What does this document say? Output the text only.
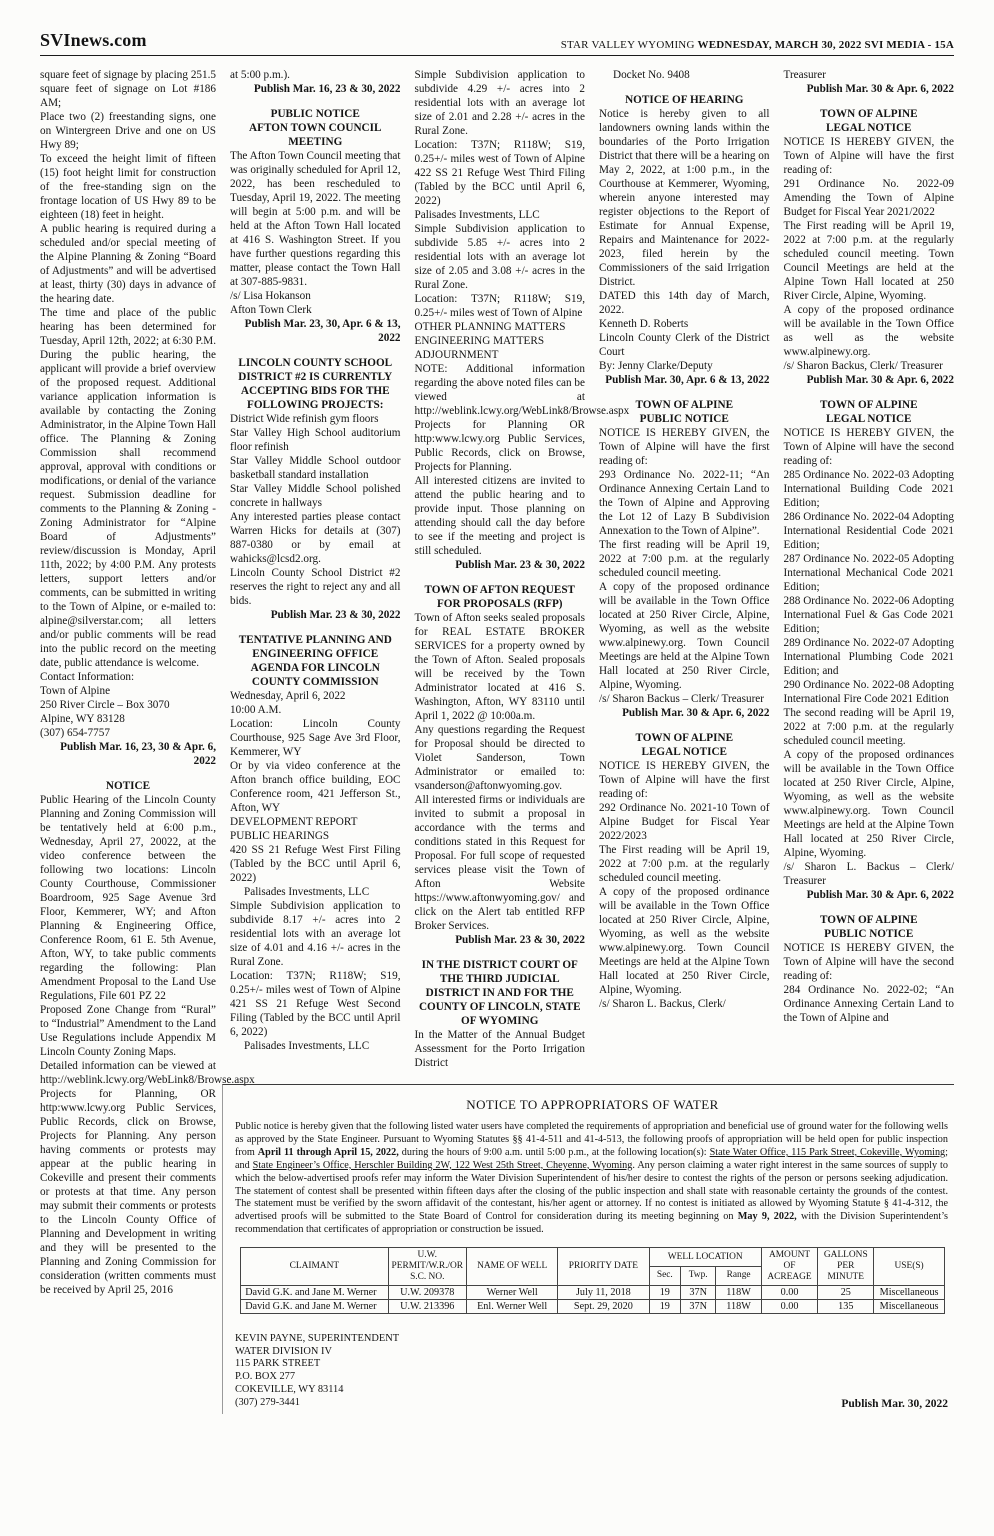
SVInews.com	STAR VALLEY WYOMING WEDNESDAY, MARCH 30, 2022 SVI MEDIA - 15A
square feet of signage by placing 251.5 square feet of signage on Lot #186 AM;
Place two (2) freestanding signs, one on Wintergreen Drive and one on US Hwy 89;
To exceed the height limit of fifteen (15) foot height limit for construction of the free-standing sign on the frontage location of US Hwy 89 to be eighteen (18) feet in height.
A public hearing is required during a scheduled and/or special meeting of the Alpine Planning & Zoning “Board of Adjustments” and will be advertised at least, thirty (30) days in advance of the hearing date.
The time and place of the public hearing has been determined for Tuesday, April 12th, 2022; at 6:30 P.M. During the public hearing, the applicant will provide a brief overview of the proposed request. Additional variance application information is available by contacting the Zoning Administrator, in the Alpine Town Hall office. The Planning & Zoning Commission shall recommend approval, approval with conditions or modifications, or denial of the variance request. Submission deadline for comments to the Planning & Zoning - Zoning Administrator for “Alpine Board of Adjustments” review/discussion is Monday, April 11th, 2022; by 4:00 P.M. Any protests letters, support letters and/or comments, can be submitted in writing to the Town of Alpine, or e-mailed to: alpine@silverstar.com; all letters and/or public comments will be read into the public record on the meeting date, public attendance is welcome.
Contact Information:
Town of Alpine
250 River Circle – Box 3070
Alpine, WY 83128
(307) 654-7757
Publish Mar. 16, 23, 30 & Apr. 6, 2022
NOTICE
Public Hearing of the Lincoln County Planning and Zoning Commission will be tentatively held at 6:00 p.m., Wednesday, April 27, 20022, at the video conference between the following two locations: Lincoln County Courthouse, Commissioner Boardroom, 925 Sage Avenue 3rd Floor, Kemmerer, WY; and Afton Planning & Engineering Office, Conference Room, 61 E. 5th Avenue, Afton, WY, to take public comments regarding the following: Plan Amendment Proposal to the Land Use Regulations, File 601 PZ 22
Proposed Zone Change from “Rural” to “Industrial” Amendment to the Land Use Regulations include Appendix M Lincoln County Zoning Maps.
Detailed information can be viewed at http://weblink.lcwy.org/WebLink8/Browse.aspx Projects for Planning, OR http:www.lcwy.org Public Services, Public Records, click on Browse, Projects for Planning. Any person having comments or protests may appear at the public hearing in Cokeville and present their comments or protests at that time. Any person may submit their comments or protests to the Lincoln County Office of Planning and Development in writing and they will be presented to the Planning and Zoning Commission for consideration (written comments must be received by April 25, 2016
at 5:00 p.m.).
Publish Mar. 16, 23 & 30, 2022
PUBLIC NOTICE
AFTON TOWN COUNCIL MEETING
The Afton Town Council meeting that was originally scheduled for April 12, 2022, has been rescheduled to Tuesday, April 19, 2022. The meeting will begin at 5:00 p.m. and will be held at the Afton Town Hall located at 416 S. Washington Street. If you have further questions regarding this matter, please contact the Town Hall at 307-885-9831.
/s/ Lisa Hokanson
Afton Town Clerk
Publish Mar. 23, 30, Apr. 6 & 13, 2022
LINCOLN COUNTY SCHOOL DISTRICT #2 IS CURRENTLY ACCEPTING BIDS FOR THE FOLLOWING PROJECTS:
District Wide refinish gym floors
Star Valley High School auditorium floor refinish
Star Valley Middle School outdoor basketball standard installation
Star Valley Middle School polished concrete in hallways
Any interested parties please contact Warren Hicks for details at (307) 887-0380 or by email at wahicks@lcsd2.org.
Lincoln County School District #2 reserves the right to reject any and all bids.
Publish Mar. 23 & 30, 2022
TENTATIVE PLANNING AND ENGINEERING OFFICE AGENDA FOR LINCOLN COUNTY COMMISSION
Wednesday, April 6, 2022
10:00 A.M.
Location: Lincoln County Courthouse, 925 Sage Ave 3rd Floor, Kemmerer, WY
Or by via video conference at the Afton branch office building, EOC Conference room, 421 Jefferson St., Afton, WY
DEVELOPMENT REPORT
PUBLIC HEARINGS
420 SS 21 Refuge West First Filing (Tabled by the BCC until April 6, 2022)
Palisades Investments, LLC
Simple Subdivision application to subdivide 8.17 +/- acres into 2 residential lots with an average lot size of 4.01 and 4.16 +/- acres in the Rural Zone.
Location: T37N; R118W; S19, 0.25+/- miles west of Town of Alpine 421 SS 21 Refuge West Second Filing (Tabled by the BCC until April 6, 2022)
Palisades Investments, LLC
Simple Subdivision application to subdivide 4.29 +/- acres into 2 residential lots with an average lot size of 2.01 and 2.28 +/- acres in the Rural Zone.
Location: T37N; R118W; S19, 0.25+/- miles west of Town of Alpine 422 SS 21 Refuge West Third Filing (Tabled by the BCC until April 6, 2022)
Palisades Investments, LLC
Simple Subdivision application to subdivide 5.85 +/- acres into 2 residential lots with an average lot size of 2.05 and 3.08 +/- acres in the Rural Zone.
Location: T37N; R118W; S19, 0.25+/- miles west of Town of Alpine
OTHER PLANNING MATTERS
ENGINEERING MATTERS
ADJOURNMENT
NOTE: Additional information regarding the above noted files can be viewed at http://weblink.lcwy.org/WebLink8/Browse.aspx Projects for Planning OR http:www.lcwy.org Public Services, Public Records, click on Browse, Projects for Planning.
All interested citizens are invited to attend the public hearing and to provide input. Those planning on attending should call the day before to see if the meeting and project is still scheduled.
Publish Mar. 23 & 30, 2022
TOWN OF AFTON REQUEST FOR PROPOSALS (RFP)
Town of Afton seeks sealed proposals for REAL ESTATE BROKER SERVICES for a property owned by the Town of Afton. Sealed proposals will be received by the Town Administrator located at 416 S. Washington, Afton, WY 83110 until April 1, 2022 @ 10:00a.m.
Any questions regarding the Request for Proposal should be directed to Violet Sanderson, Town Administrator or emailed to: vsanderson@aftonwyoming.gov.
All interested firms or individuals are invited to submit a proposal in accordance with the terms and conditions stated in this Request for Proposal. For full scope of requested services please visit the Town of Afton Website https://www.aftonwyoming.gov/ and click on the Alert tab entitled RFP Broker Services.
Publish Mar. 23 & 30, 2022
IN THE DISTRICT COURT OF THE THIRD JUDICIAL DISTRICT IN AND FOR THE COUNTY OF LINCOLN, STATE OF WYOMING
In the Matter of the Annual Budget Assessment for the Porto Irrigation District
Docket No. 9408
NOTICE OF HEARING
Notice is hereby given to all landowners owning lands within the boundaries of the Porto Irrigation District that there will be a hearing on May 2, 2022, at 1:00 p.m., in the Courthouse at Kemmerer, Wyoming, wherein anyone interested may register objections to the Report of Estimate for Annual Expense, Repairs and Maintenance for 2022-2023, filed herein by the Commissioners of the said Irrigation District.
DATED this 14th day of March, 2022.
Kenneth D. Roberts
Lincoln County Clerk of the District Court
By: Jenny Clarke/Deputy
Publish Mar. 30, Apr. 6 & 13, 2022
TOWN OF ALPINE
PUBLIC NOTICE
NOTICE IS HEREBY GIVEN, the Town of Alpine will have the first reading of:
293 Ordinance No. 2022-11; “An Ordinance Annexing Certain Land to the Town of Alpine and Approving the Lot 12 of Lazy B Subdivision Annexation to the Town of Alpine”.
The first reading will be April 19, 2022 at 7:00 p.m. at the regularly scheduled council meeting.
A copy of the proposed ordinance will be available in the Town Office located at 250 River Circle, Alpine, Wyoming, as well as the website www.alpinewy.org. Town Council Meetings are held at the Alpine Town Hall located at 250 River Circle, Alpine, Wyoming.
/s/ Sharon Backus – Clerk/ Treasurer
Publish Mar. 30 & Apr. 6, 2022
TOWN OF ALPINE
LEGAL NOTICE
NOTICE IS HEREBY GIVEN, the Town of Alpine will have the first reading of:
292 Ordinance No. 2021-10 Town of Alpine Budget for Fiscal Year 2022/2023
The First reading will be April 19, 2022 at 7:00 p.m. at the regularly scheduled council meeting.
A copy of the proposed ordinance will be available in the Town Office located at 250 River Circle, Alpine, Wyoming, as well as the website www.alpinewy.org. Town Council Meetings are held at the Alpine Town Hall located at 250 River Circle, Alpine, Wyoming.
/s/ Sharon L. Backus, Clerk/
Treasurer
Publish Mar. 30 & Apr. 6, 2022
TOWN OF ALPINE
LEGAL NOTICE
NOTICE IS HEREBY GIVEN, the Town of Alpine will have the first reading of:
291 Ordinance No. 2022-09 Amending the Town of Alpine Budget for Fiscal Year 2021/2022
The First reading will be April 19, 2022 at 7:00 p.m. at the regularly scheduled council meeting. Town Council Meetings are held at the Alpine Town Hall located at 250 River Circle, Alpine, Wyoming.
A copy of the proposed ordinance will be available in the Town Office as well as the website www.alpinewy.org.
/s/ Sharon Backus, Clerk/ Treasurer
Publish Mar. 30 & Apr. 6, 2022
TOWN OF ALPINE
LEGAL NOTICE
NOTICE IS HEREBY GIVEN, the Town of Alpine will have the second reading of:
285 Ordinance No. 2022-03 Adopting International Building Code 2021 Edition;
286 Ordinance No. 2022-04 Adopting International Residential Code 2021 Edition;
287 Ordinance No. 2022-05 Adopting International Mechanical Code 2021 Edition;
288 Ordinance No. 2022-06 Adopting International Fuel & Gas Code 2021 Edition;
289 Ordinance No. 2022-07 Adopting International Plumbing Code 2021 Edition; and
290 Ordinance No. 2022-08 Adopting International Fire Code 2021 Edition
The second reading will be April 19, 2022 at 7:00 p.m. at the regularly scheduled council meeting.
A copy of the proposed ordinances will be available in the Town Office located at 250 River Circle, Alpine, Wyoming, as well as the website www.alpinewy.org. Town Council Meetings are held at the Alpine Town Hall located at 250 River Circle, Alpine, Wyoming.
/s/ Sharon L. Backus – Clerk/ Treasurer
Publish Mar. 30 & Apr. 6, 2022
TOWN OF ALPINE
PUBLIC NOTICE
NOTICE IS HEREBY GIVEN, the Town of Alpine will have the second reading of:
284 Ordinance No. 2022-02; “An Ordinance Annexing Certain Land to the Town of Alpine and
NOTICE TO APPROPRIATORS OF WATER

Public notice is hereby given that the following listed water users have completed the requirements of appropriation and beneficial use of ground water for the following wells as approved by the State Engineer. Pursuant to Wyoming Statutes §§ 41-4-511 and 41-4-513, the following proofs of appropriation will be held open for public inspection from April 11 through April 15, 2022, during the hours of 9:00 a.m. until 5:00 p.m., at the following location(s): State Water Office, 115 Park Street, Cokeville, Wyoming; and State Engineer’s Office, Herschler Building 2W, 122 West 25th Street, Cheyenne, Wyoming. Any person claiming a water right interest in the same sources of supply to which the below-advertised proofs refer may inform the Water Division Superintendent of his/her desire to contest the rights of the person or persons seeking adjudication. The statement of contest shall be presented within fifteen days after the closing of the public inspection and shall state with reasonable certainty the grounds of the contest. The statement must be verified by the sworn affidavit of the contestant, his/her agent or attorney. If no contest is initiated as allowed by Wyoming Statute § 41-4-312, the advertised proofs will be submitted to the State Board of Control for consideration during its meeting beginning on May 9, 2022, with the Division Superintendent’s recommendation that certificates of appropriation or construction be issued.

CLAIMANT	U.W. PERMIT/W.R./OR S.C. NO.	NAME OF WELL	PRIORITY DATE	WELL LOCATION			AMOUNT OF ACREAGE	GALLONS PER MINUTE	USE(S)
				Sec.	Twp.	Range			
David G.K. and Jane M. Werner	U.W. 209378	Werner Well	July 11, 2018	19	37N	118W	0.00	25	Miscellaneous
David G.K. and Jane M. Werner	U.W. 213396	Enl. Werner Well	Sept. 29, 2020	19	37N	118W	0.00	135	Miscellaneous
KEVIN PAYNE, SUPERINTENDENT
WATER DIVISION IV
115 PARK STREET
P.O. BOX 277
COKEVILLE, WY 83114
(307) 279-3441	Publish Mar. 30, 2022
